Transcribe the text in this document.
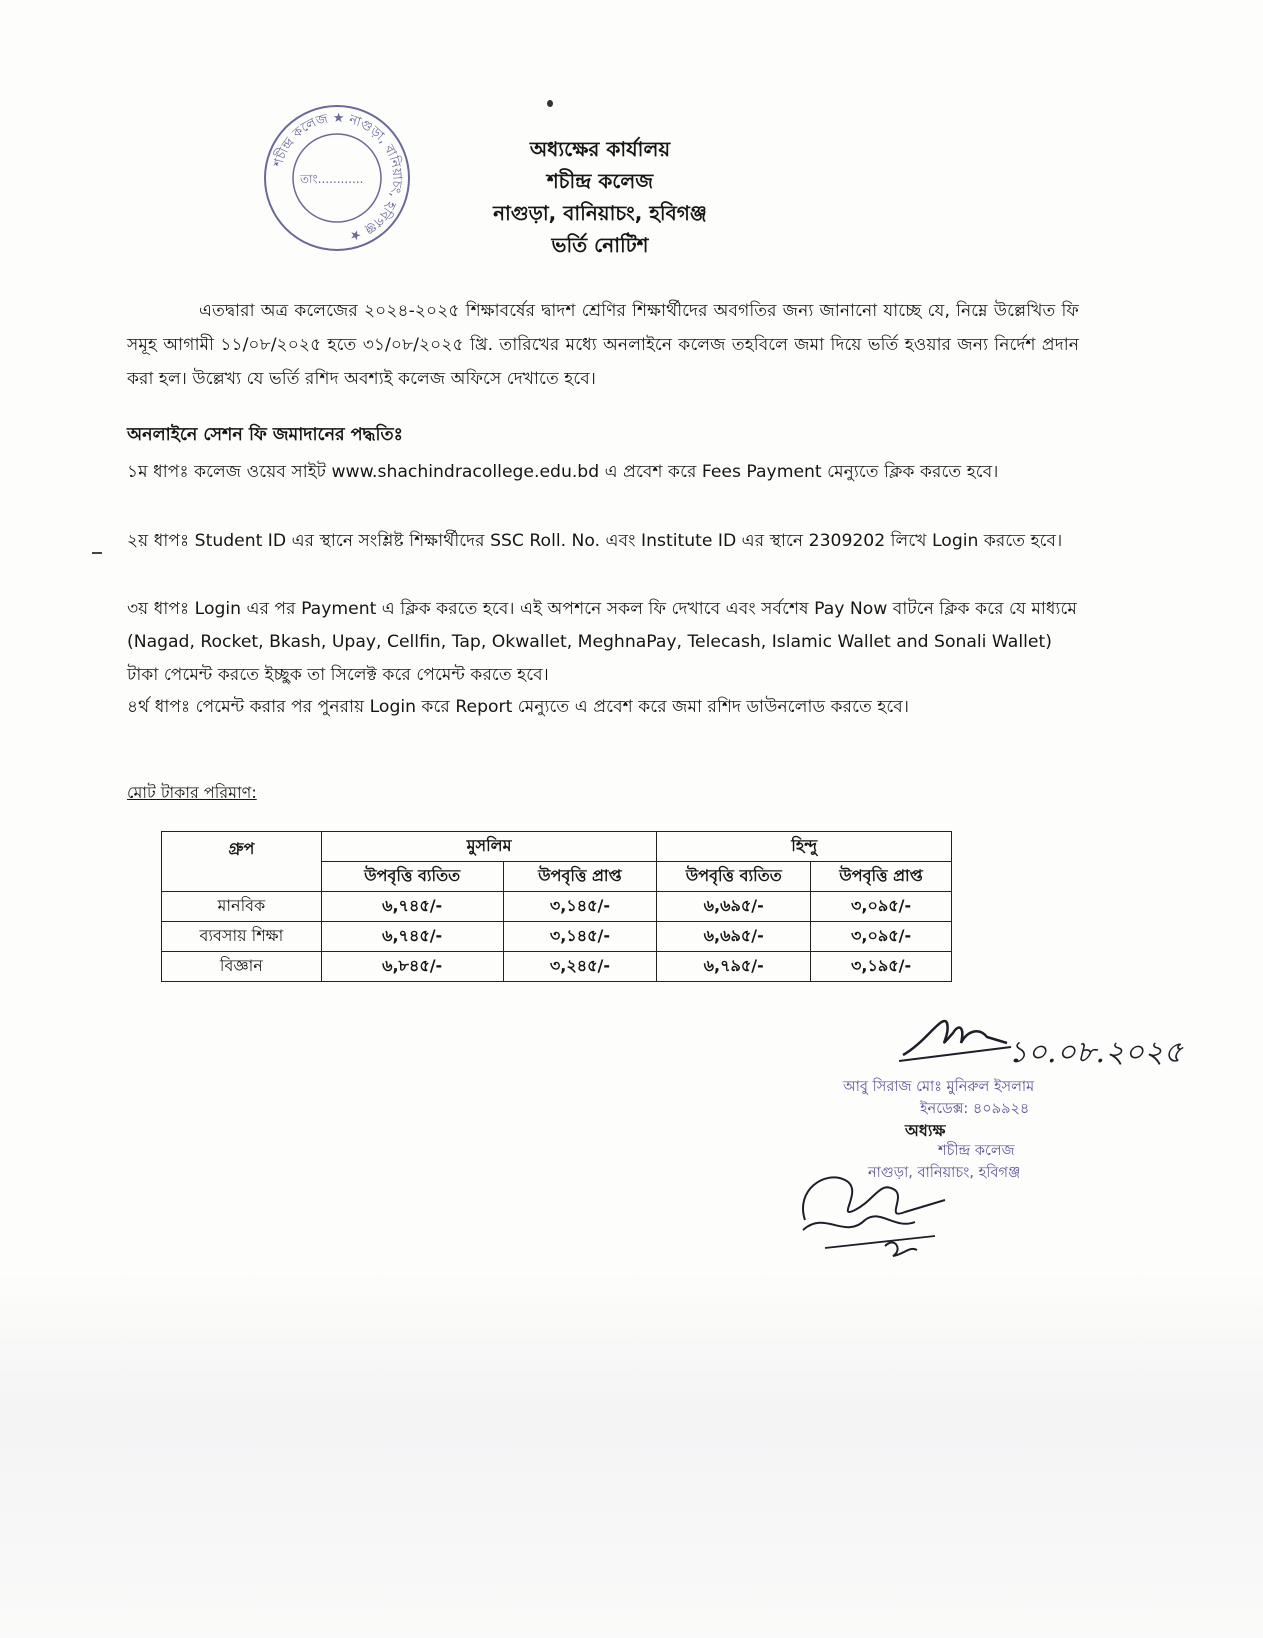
শচীন্দ্র কলেজ ★ নাগুড়া, বানিয়াচং, হবিগঞ্জ ★
তাং............
অধ্যক্ষের কার্যালয়
শচীন্দ্র কলেজ
নাগুড়া, বানিয়াচং, হবিগঞ্জ
ভর্তি নোটিশ
এতদ্বারা অত্র কলেজের ২০২৪-২০২৫ শিক্ষাবর্ষের দ্বাদশ শ্রেণির শিক্ষার্থীদের অবগতির জন্য জানানো যাচ্ছে যে, নিম্নে উল্লেখিত ফি সমূহ আগামী ১১/০৮/২০২৫ হতে ৩১/০৮/২০২৫ খ্রি. তারিখের মধ্যে অনলাইনে কলেজ তহবিলে জমা দিয়ে ভর্তি হওয়ার জন্য নির্দেশ প্রদান করা হল। উল্লেখ্য যে ভর্তি রশিদ অবশ্যই কলেজ অফিসে দেখাতে হবে।
অনলাইনে সেশন ফি জমাদানের পদ্ধতিঃ
১ম ধাপঃ কলেজ ওয়েব সাইট www.shachindracollege.edu.bd এ প্রবেশ করে Fees Payment মেন্যুতে ক্লিক করতে হবে।
২য় ধাপঃ Student ID এর স্থানে সংশ্লিষ্ট শিক্ষার্থীদের SSC Roll. No. এবং Institute ID এর স্থানে 2309202 লিখে Login করতে হবে।
৩য় ধাপঃ Login এর পর Payment এ ক্লিক করতে হবে। এই অপশনে সকল ফি দেখাবে এবং সর্বশেষ Pay Now বাটনে ক্লিক করে যে মাধ্যমে (Nagad, Rocket, Bkash, Upay, Cellfin, Tap, Okwallet, MeghnaPay, Telecash, Islamic Wallet and Sonali Wallet) টাকা পেমেন্ট করতে ইচ্ছুক তা সিলেক্ট করে পেমেন্ট করতে হবে।
৪র্থ ধাপঃ পেমেন্ট করার পর পুনরায় Login করে Report মেন্যুতে এ প্রবেশ করে জমা রশিদ ডাউনলোড করতে হবে।
মোট টাকার পরিমাণ:
গ্রুপ	মুসলিম		হিন্দু	
	উপবৃত্তি ব্যতিত	উপবৃত্তি প্রাপ্ত	উপবৃত্তি ব্যতিত	উপবৃত্তি প্রাপ্ত
মানবিক	৬,৭৪৫/-	৩,১৪৫/-	৬,৬৯৫/-	৩,০৯৫/-
ব্যবসায় শিক্ষা	৬,৭৪৫/-	৩,১৪৫/-	৬,৬৯৫/-	৩,০৯৫/-
বিজ্ঞান	৬,৮৪৫/-	৩,২৪৫/-	৬,৭৯৫/-	৩,১৯৫/-
১০.০৮.২০২৫
আবু সিরাজ মোঃ মুনিরুল ইসলাম
ইনডেক্স: ৪০৯৯২৪
অধ্যক্ষ
শচীন্দ্র কলেজ
নাগুড়া, বানিয়াচং, হবিগঞ্জ
